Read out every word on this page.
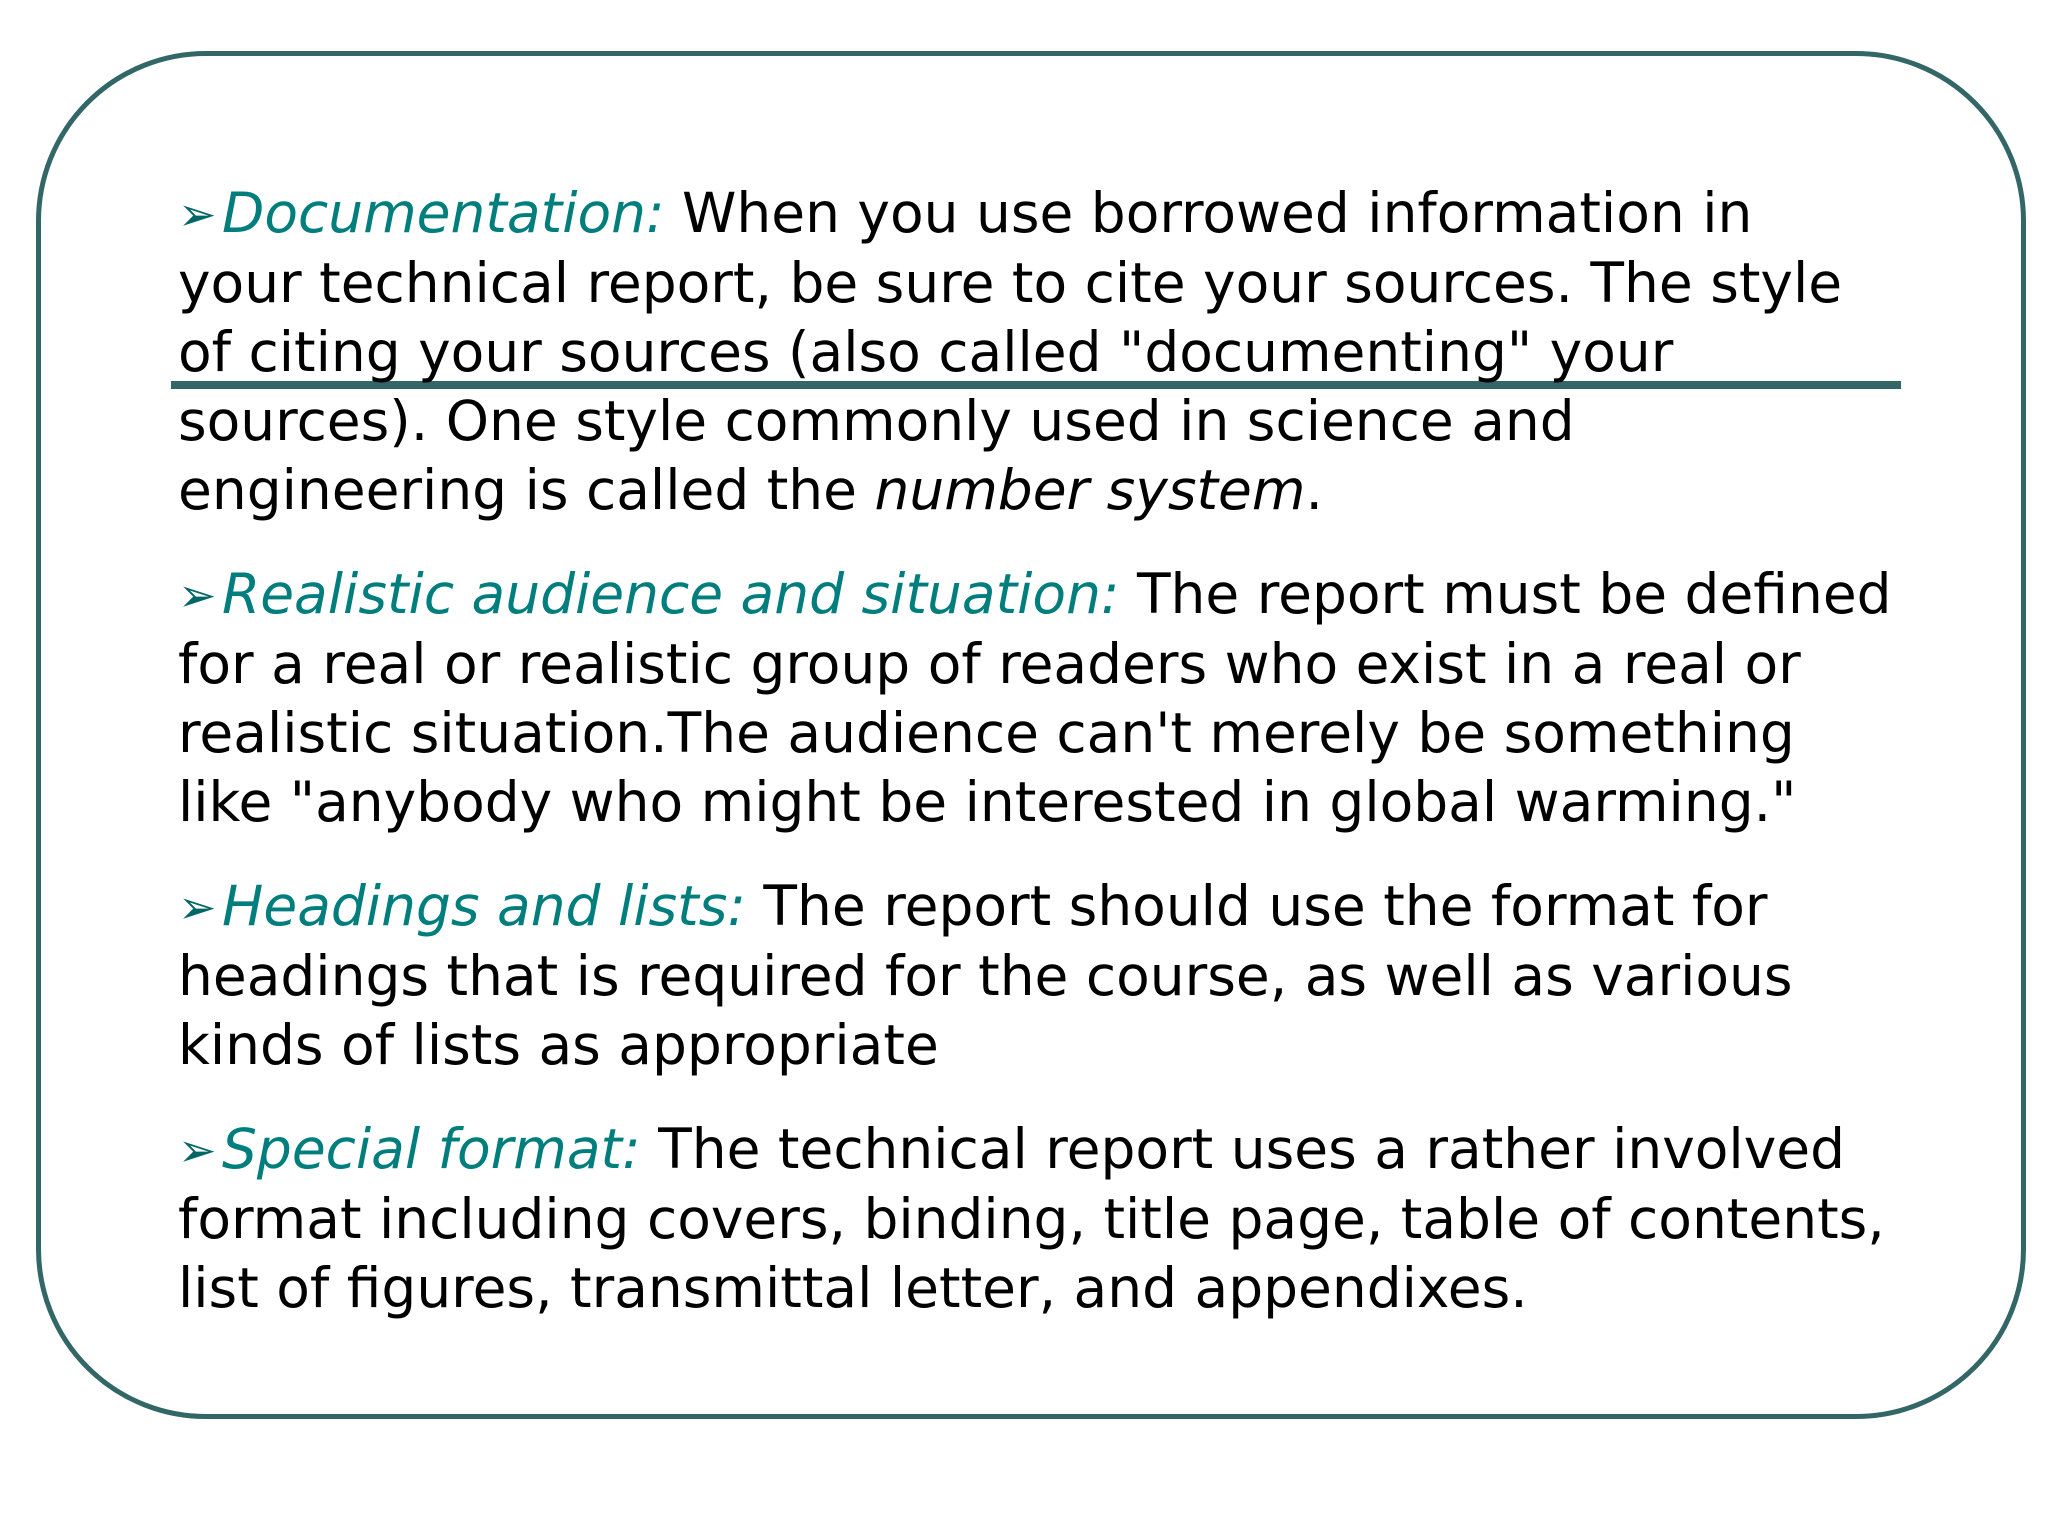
➢Documentation: When you use borrowed information in
your technical report, be sure to cite your sources. The style
of citing your sources (also called "documenting" your
sources). One style commonly used in science and
engineering is called the number system.
➢Realistic audience and situation: The report must be defined
for a real or realistic group of readers who exist in a real or
realistic situation.The audience can't merely be something
like "anybody who might be interested in global warming."
➢Headings and lists: The report should use the format for
headings that is required for the course, as well as various
kinds of lists as appropriate
➢Special format: The technical report uses a rather involved
format including covers, binding, title page, table of contents,
list of figures, transmittal letter, and appendixes.
